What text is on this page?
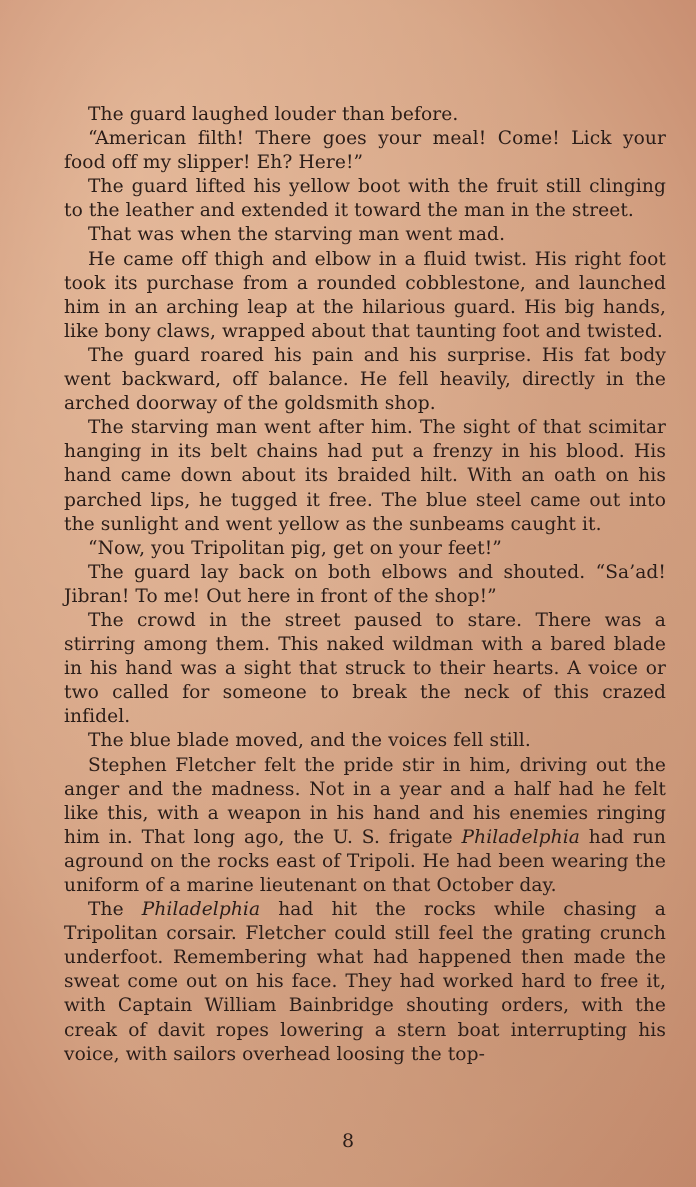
The guard laughed louder than before.

“American filth! There goes your meal! Come! Lick your food off my slipper! Eh? Here!”

The guard lifted his yellow boot with the fruit still clinging to the leather and extended it toward the man in the street.

That was when the starving man went mad.

He came off thigh and elbow in a fluid twist. His right foot took its purchase from a rounded cobblestone, and launched him in an arching leap at the hilarious guard. His big hands, like bony claws, wrapped about that taunting foot and twisted.

The guard roared his pain and his surprise. His fat body went backward, off balance. He fell heavily, directly in the arched doorway of the goldsmith shop.

The starving man went after him. The sight of that scimitar hanging in its belt chains had put a frenzy in his blood. His hand came down about its braided hilt. With an oath on his parched lips, he tugged it free. The blue steel came out into the sunlight and went yellow as the sunbeams caught it.

“Now, you Tripolitan pig, get on your feet!”

The guard lay back on both elbows and shouted. “Sa’ad! Jibran! To me! Out here in front of the shop!”

The crowd in the street paused to stare. There was a stirring among them. This naked wildman with a bared blade in his hand was a sight that struck to their hearts. A voice or two called for someone to break the neck of this crazed infidel.

The blue blade moved, and the voices fell still.

Stephen Fletcher felt the pride stir in him, driving out the anger and the madness. Not in a year and a half had he felt like this, with a weapon in his hand and his enemies ringing him in. That long ago, the U. S. frigate Philadelphia had run aground on the rocks east of Tripoli. He had been wearing the uniform of a marine lieutenant on that October day.

The Philadelphia had hit the rocks while chasing a Tripolitan corsair. Fletcher could still feel the grating crunch underfoot. Remembering what had happened then made the sweat come out on his face. They had worked hard to free it, with Captain William Bainbridge shouting orders, with the creak of davit ropes lowering a stern boat interrupting his voice, with sailors overhead loosing the top-

8
